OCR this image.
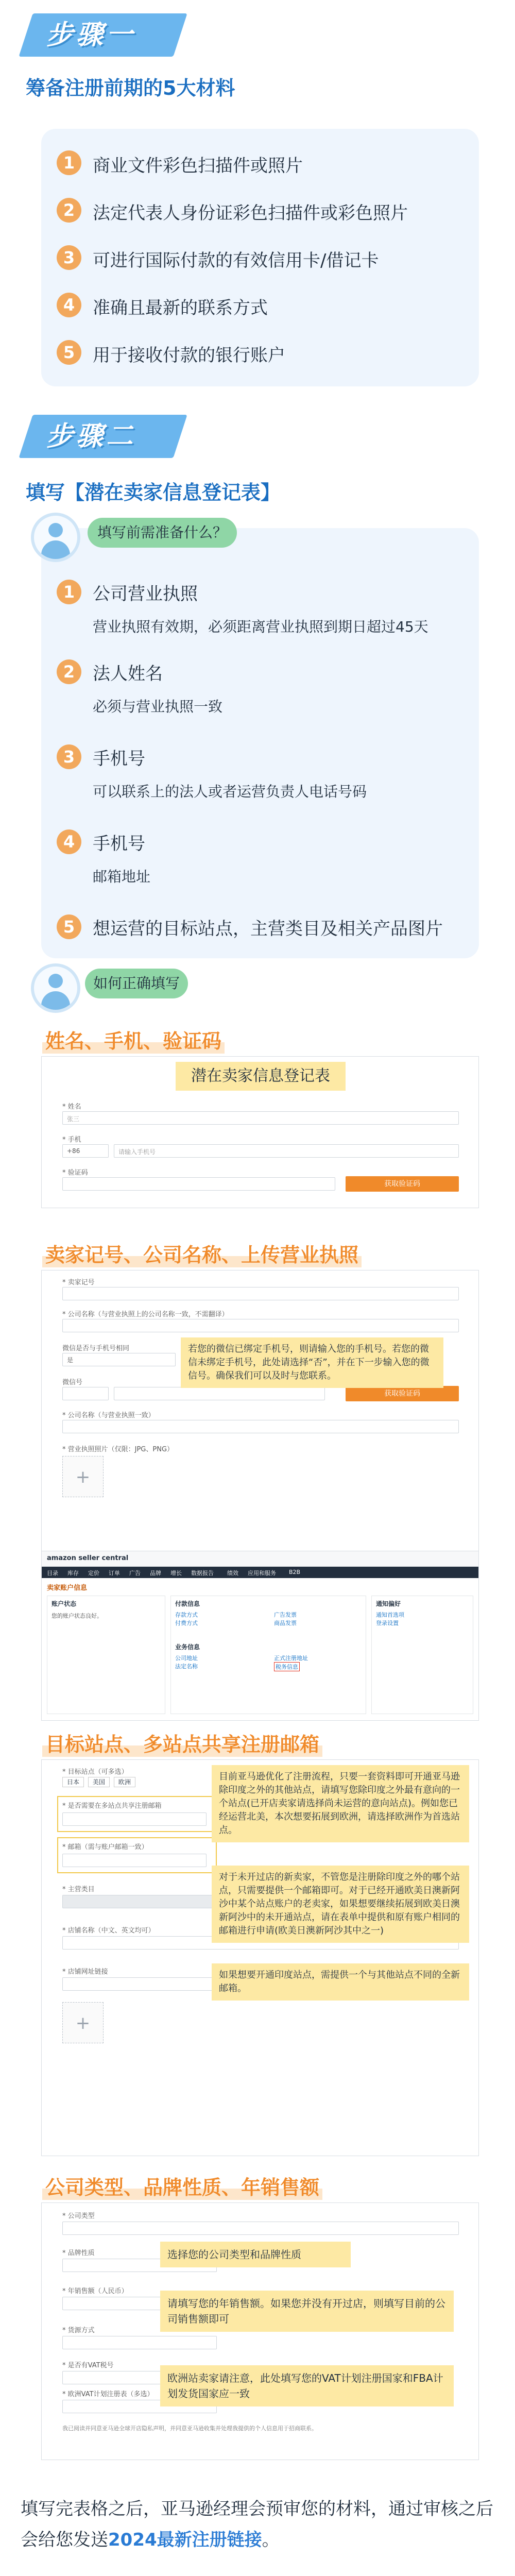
步骤一
筹备注册前期的5大材料
1	商业文件彩色扫描件或照片
2	法定代表人身份证彩色扫描件或彩色照片
3	可进行国际付款的有效信用卡/借记卡
4	准确且最新的联系方式
5	用于接收付款的银行账户
步骤二
填写【潜在卖家信息登记表】
1	公司营业执照
营业执照有效期，必须距离营业执照到期日超过45天
2	法人姓名
必须与营业执照一致
3	手机号
可以联系上的法人或者运营负责人电话号码
4	手机号
邮箱地址
5	想运营的目标站点，主营类目及相关产品图片
填写前需准备什么？
如何正确填写
姓名、手机、验证码
潜在卖家信息登记表
* 姓名
张三
* 手机
+86	请输入手机号
* 验证码
获取验证码
卖家记号、公司名称、上传营业执照
* 卖家记号
* 公司名称（与营业执照上的公司名称一致，不需翻译）
微信是否与手机号相同
是
微信号
获取验证码
* 公司名称（与营业执照一致）
* 营业执照照片（仅限：JPG、PNG）
+
若您的微信已绑定手机号，则请输入您的手机号。若您的微信未绑定手机号，此处请选择“否”，并在下一步输入您的微信号。确保我们可以及时与您联系。
amazon seller central
目录 库存 定价 订单 广告 品牌 增长 数据报告 绩效 应用和服务 B2B
卖家账户信息
账户状态
您的账户状态良好。
付款信息
存款方式
付费方式
广告发票
商品发票
业务信息
公司地址
法定名称
正式注册地址
税务信息
通知偏好
通知首选项
登录设置
目标站点、多站点共享注册邮箱
* 目标站点（可多选）
日本 美国 欧洲
* 是否需要在多站点共享注册邮箱
* 邮箱（需与账户邮箱一致）
* 主营类目
* 店铺名称（中文、英文均可）
* 店铺网址链接
+
目前亚马逊优化了注册流程，只要一套资料即可开通亚马逊除印度之外的其他站点，请填写您除印度之外最有意向的一个站点(已开店卖家请选择尚未运营的意向站点)。例如您已经运营北美，本次想要拓展到欧洲，请选择欧洲作为首选站点。
对于未开过店的新卖家，不管您是注册除印度之外的哪个站点，只需要提供一个邮箱即可。对于已经开通欧美日澳新阿沙中某个站点账户的老卖家，如果想要继续拓展到欧美日澳新阿沙中的未开通站点，请在表单中提供和原有账户相同的邮箱进行申请(欧美日澳新阿沙其中之一)
如果想要开通印度站点，需提供一个与其他站点不同的全新邮箱。
公司类型、品牌性质、年销售额
* 公司类型
* 品牌性质
* 年销售额（人民币）
* 货源方式
* 是否有VAT税号
* 欧洲VAT计划注册表（多选）
我已阅读并同意亚马逊全球开店隐私声明，并同意亚马逊收集并处理我提供的个人信息用于招商联系。
选择您的公司类型和品牌性质
请填写您的年销售额。如果您并没有开过店，则填写目前的公司销售额即可
欧洲站卖家请注意，此处填写您的VAT计划注册国家和FBA计划发货国家应一致
填写完表格之后，亚马逊经理会预审您的材料，通过审核之后会给您发送2024最新注册链接。
